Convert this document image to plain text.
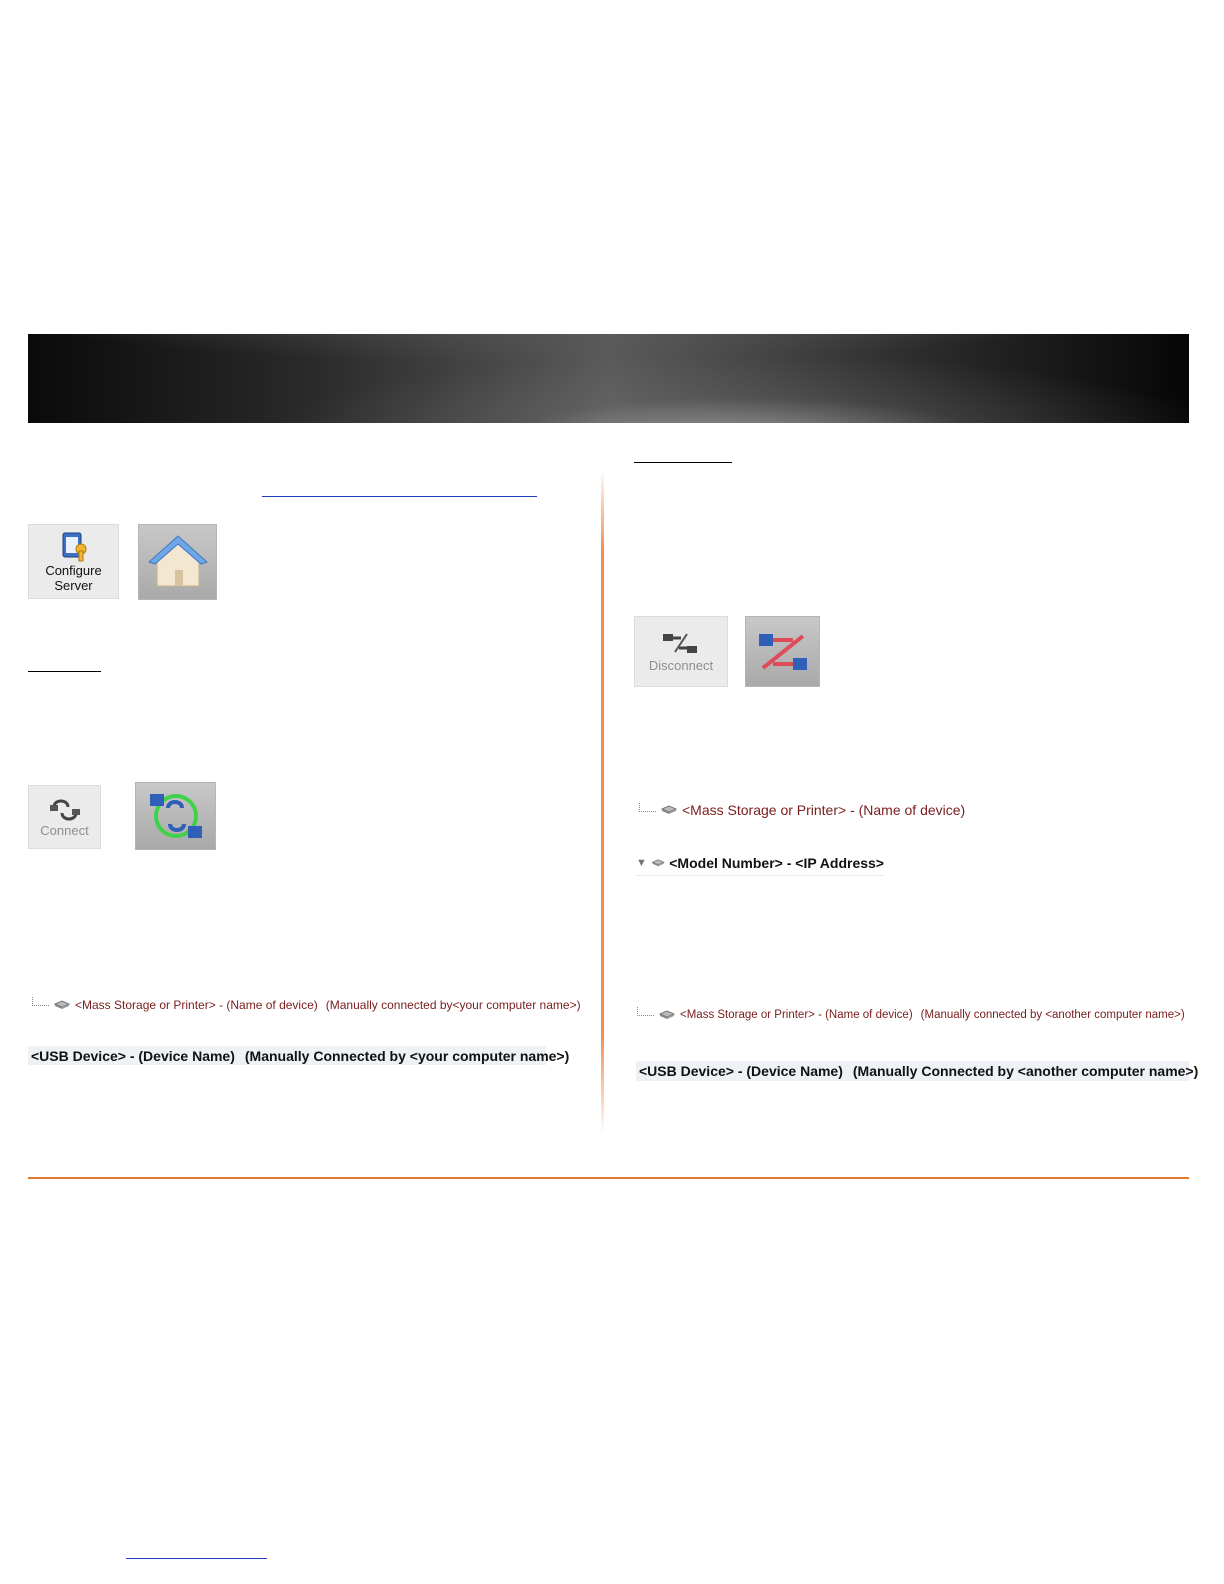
Configure
Server
Connect
<Mass Storage or Printer> - (Name of device) (Manually connected by<your computer name>)
<USB Device> - (Device Name) (Manually Connected by <your computer name>)
Disconnect
<Mass Storage or Printer> - (Name of device)
▼ <Model Number> - <IP Address>
<Mass Storage or Printer> - (Name of device) (Manually connected by <another computer name>)
<USB Device> - (Device Name) (Manually Connected by <another computer name>)
